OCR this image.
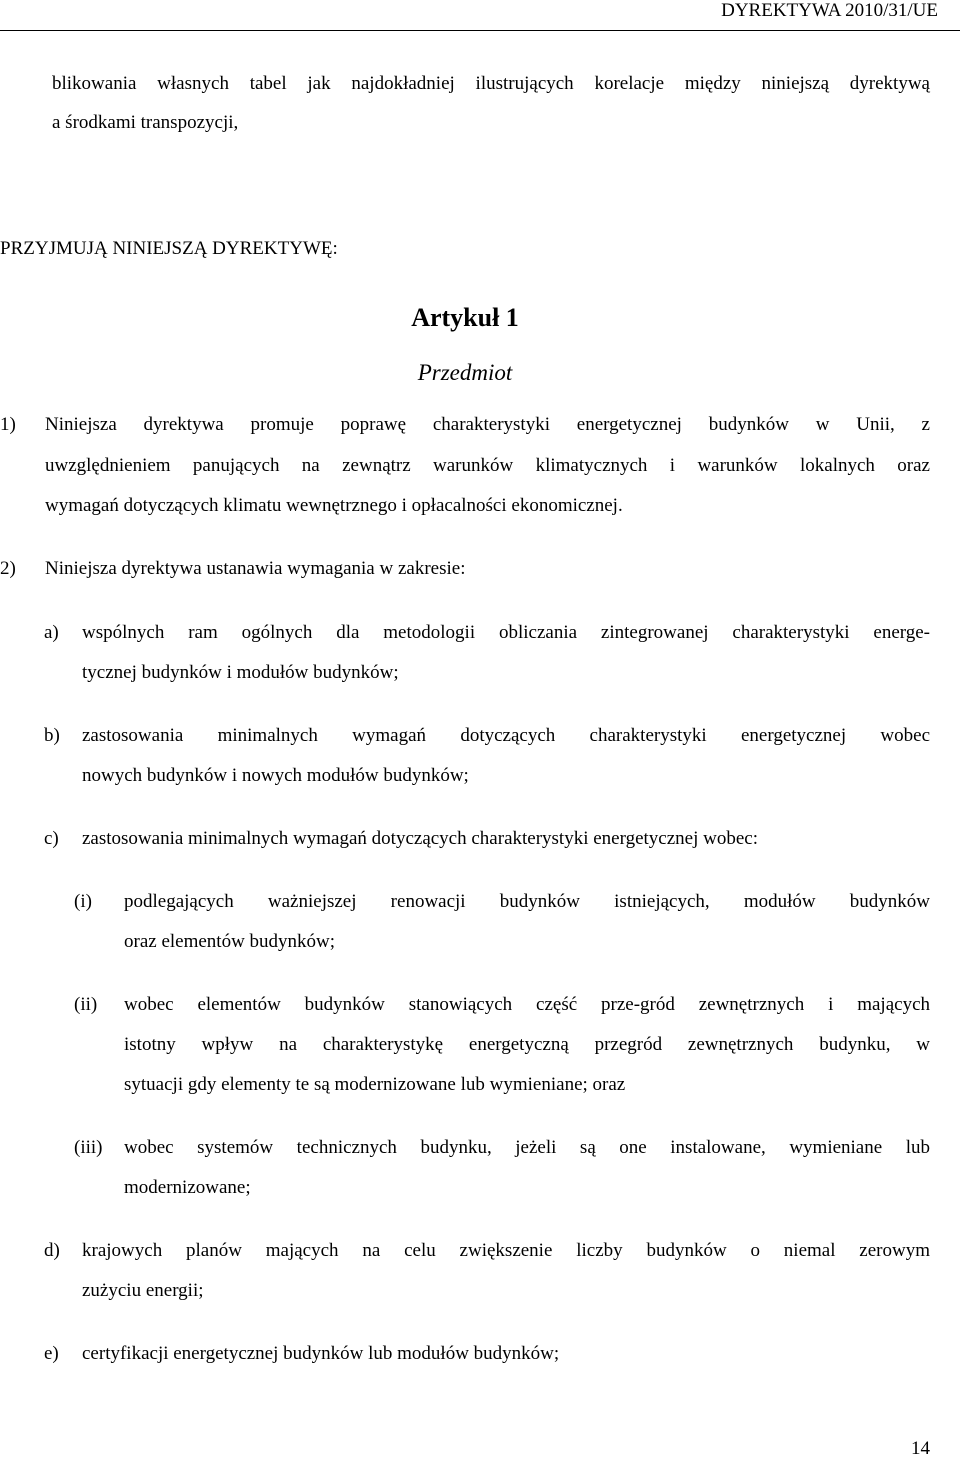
DYREKTYWA 2010/31/UE
blikowania własnych tabel jak najdokładniej ilustrujących korelacje między niniejszą dyrektywą
a środkami transpozycji,
PRZYJMUJĄ NINIEJSZĄ DYREKTYWĘ:
Artykuł 1
Przedmiot
1) Niniejsza dyrektywa promuje poprawę charakterystyki energetycznej budynków w Unii, z
uwzględnieniem panujących na zewnątrz warunków klimatycznych i warunków lokalnych oraz
wymagań dotyczących klimatu wewnętrznego i opłacalności ekonomicznej.
2) Niniejsza dyrektywa ustanawia wymagania w zakresie:
a) wspólnych ram ogólnych dla metodologii obliczania zintegrowanej charakterystyki energe-
tycznej budynków i modułów budynków;
b) zastosowania minimalnych wymagań dotyczących charakterystyki energetycznej wobec
nowych budynków i nowych modułów budynków;
c) zastosowania minimalnych wymagań dotyczących charakterystyki energetycznej wobec:
(i) podlegających ważniejszej renowacji budynków istniejących, modułów budynków
oraz elementów budynków;
(ii) wobec elementów budynków stanowiących część prze-gród zewnętrznych i mających
istotny wpływ na charakterystykę energetyczną przegród zewnętrznych budynku, w
sytuacji gdy elementy te są modernizowane lub wymieniane; oraz
(iii) wobec systemów technicznych budynku, jeżeli są one instalowane, wymieniane lub
modernizowane;
d) krajowych planów mających na celu zwiększenie liczby budynków o niemal zerowym
zużyciu energii;
e) certyfikacji energetycznej budynków lub modułów budynków;
14
